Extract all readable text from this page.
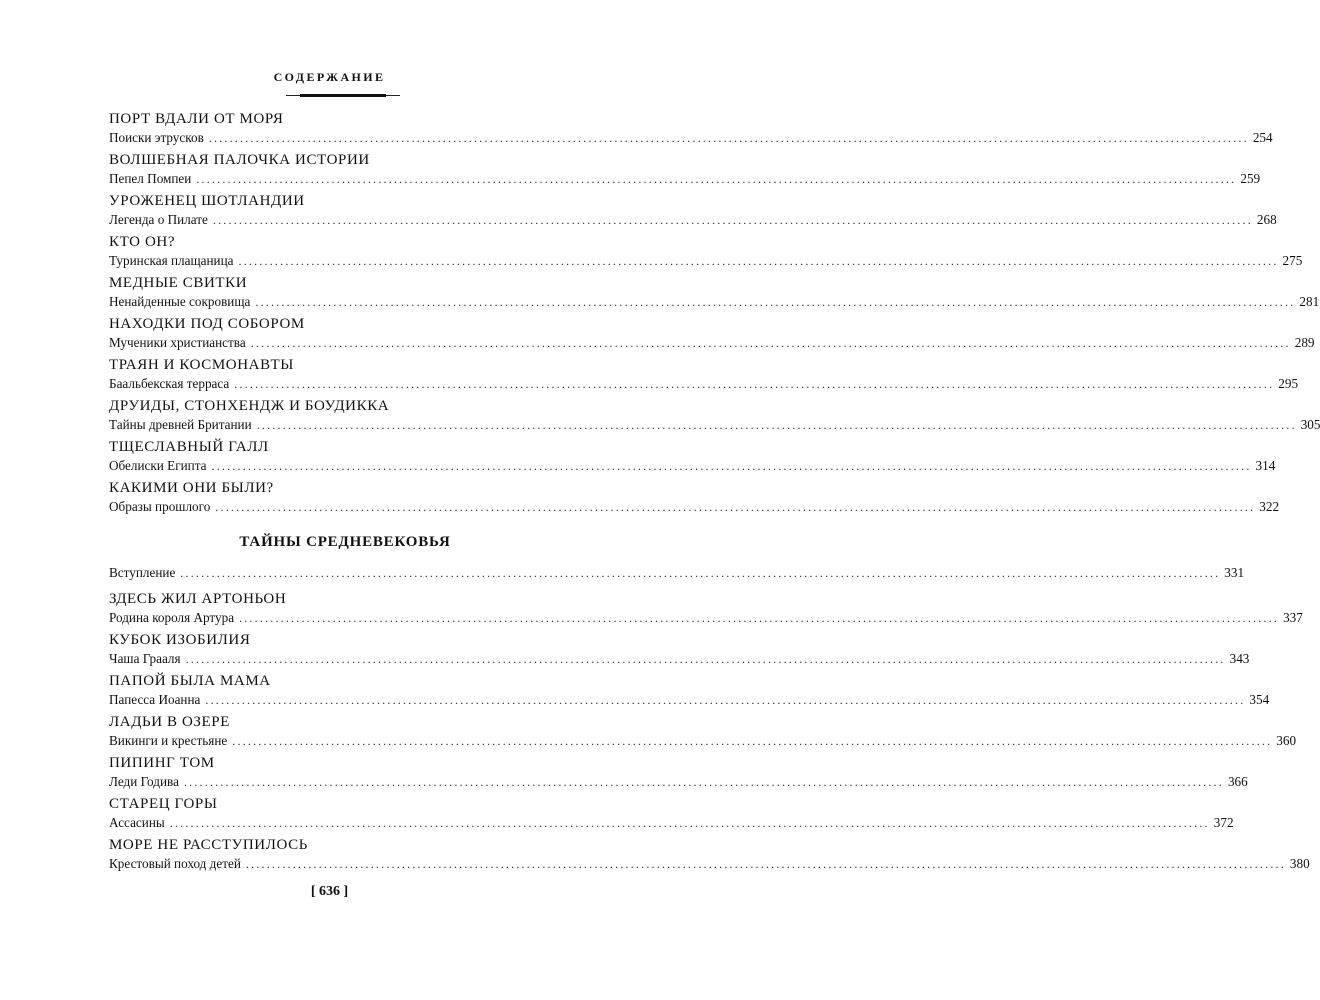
СОДЕРЖАНИЕ
ПОРТ ВДАЛИ ОТ МОРЯ
Поиски этрусков ........................................................................................................................................................................................................ 254
ВОЛШЕБНАЯ ПАЛОЧКА ИСТОРИИ
Пепел Помпеи ........................................................................................................................................................................................................ 259
УРОЖЕНЕЦ ШОТЛАНДИИ
Легенда о Пилате ........................................................................................................................................................................................................ 268
КТО ОН?
Туринская плащаница ........................................................................................................................................................................................................ 275
МЕДНЫЕ СВИТКИ
Ненайденные сокровища ........................................................................................................................................................................................................ 281
НАХОДКИ ПОД СОБОРОМ
Мученики христианства ........................................................................................................................................................................................................ 289
ТРАЯН И КОСМОНАВТЫ
Баальбекская терраса ........................................................................................................................................................................................................ 295
ДРУИДЫ, СТОНХЕНДЖ И БОУДИККА
Тайны древней Британии ........................................................................................................................................................................................................ 305
ТЩЕСЛАВНЫЙ ГАЛЛ
Обелиски Египта ........................................................................................................................................................................................................ 314
КАКИМИ ОНИ БЫЛИ?
Образы прошлого ........................................................................................................................................................................................................ 322
ТАЙНЫ СРЕДНЕВЕКОВЬЯ
Вступление ........................................................................................................................................................................................................ 331
ЗДЕСЬ ЖИЛ АРТОНЬОН
Родина короля Артура ........................................................................................................................................................................................................ 337
КУБОК ИЗОБИЛИЯ
Чаша Грааля ........................................................................................................................................................................................................ 343
ПАПОЙ БЫЛА МАМА
Папесса Иоанна ........................................................................................................................................................................................................ 354
ЛАДЬИ В ОЗЕРЕ
Викинги и крестьяне ........................................................................................................................................................................................................ 360
ПИПИНГ ТОМ
Леди Годива ........................................................................................................................................................................................................ 366
СТАРЕЦ ГОРЫ
Ассасины ........................................................................................................................................................................................................ 372
МОРЕ НЕ РАССТУПИЛОСЬ
Крестовый поход детей ........................................................................................................................................................................................................ 380
[ 636 ]
